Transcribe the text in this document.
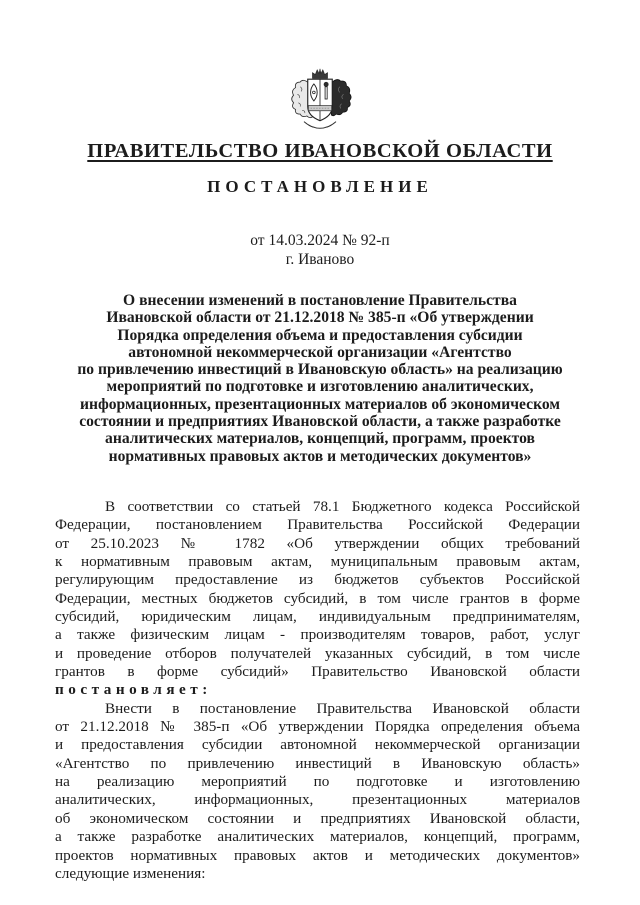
ПРАВИТЕЛЬСТВО ИВАНОВСКОЙ ОБЛАСТИ
ПОСТАНОВЛЕНИЕ
от 14.03.2024 № 92-п
г. Иваново
О внесении изменений в постановление Правительства
Ивановской области от 21.12.2018 № 385-п «Об утверждении
Порядка определения объема и предоставления субсидии
автономной некоммерческой организации «Агентство
по привлечению инвестиций в Ивановскую область» на реализацию
мероприятий по подготовке и изготовлению аналитических,
информационных, презентационных материалов об экономическом
состоянии и предприятиях Ивановской области, а также разработке
аналитических материалов, концепций, программ, проектов
нормативных правовых актов и методических документов»
В соответствии со статьей 78.1 Бюджетного кодекса Российской
Федерации, постановлением Правительства Российской Федерации
от 25.10.2023 № 1782 «Об утверждении общих требований
к нормативным правовым актам, муниципальным правовым актам,
регулирующим предоставление из бюджетов субъектов Российской
Федерации, местных бюджетов субсидий, в том числе грантов в форме
субсидий, юридическим лицам, индивидуальным предпринимателям,
а также физическим лицам - производителям товаров, работ, услуг
и проведение отборов получателей указанных субсидий, в том числе
грантов в форме субсидий» Правительство Ивановской области
постановляет:
Внести в постановление Правительства Ивановской области
от 21.12.2018 № 385-п «Об утверждении Порядка определения объема
и предоставления субсидии автономной некоммерческой организации
«Агентство по привлечению инвестиций в Ивановскую область»
на реализацию мероприятий по подготовке и изготовлению
аналитических, информационных, презентационных материалов
об экономическом состоянии и предприятиях Ивановской области,
а также разработке аналитических материалов, концепций, программ,
проектов нормативных правовых актов и методических документов»
следующие изменения:
